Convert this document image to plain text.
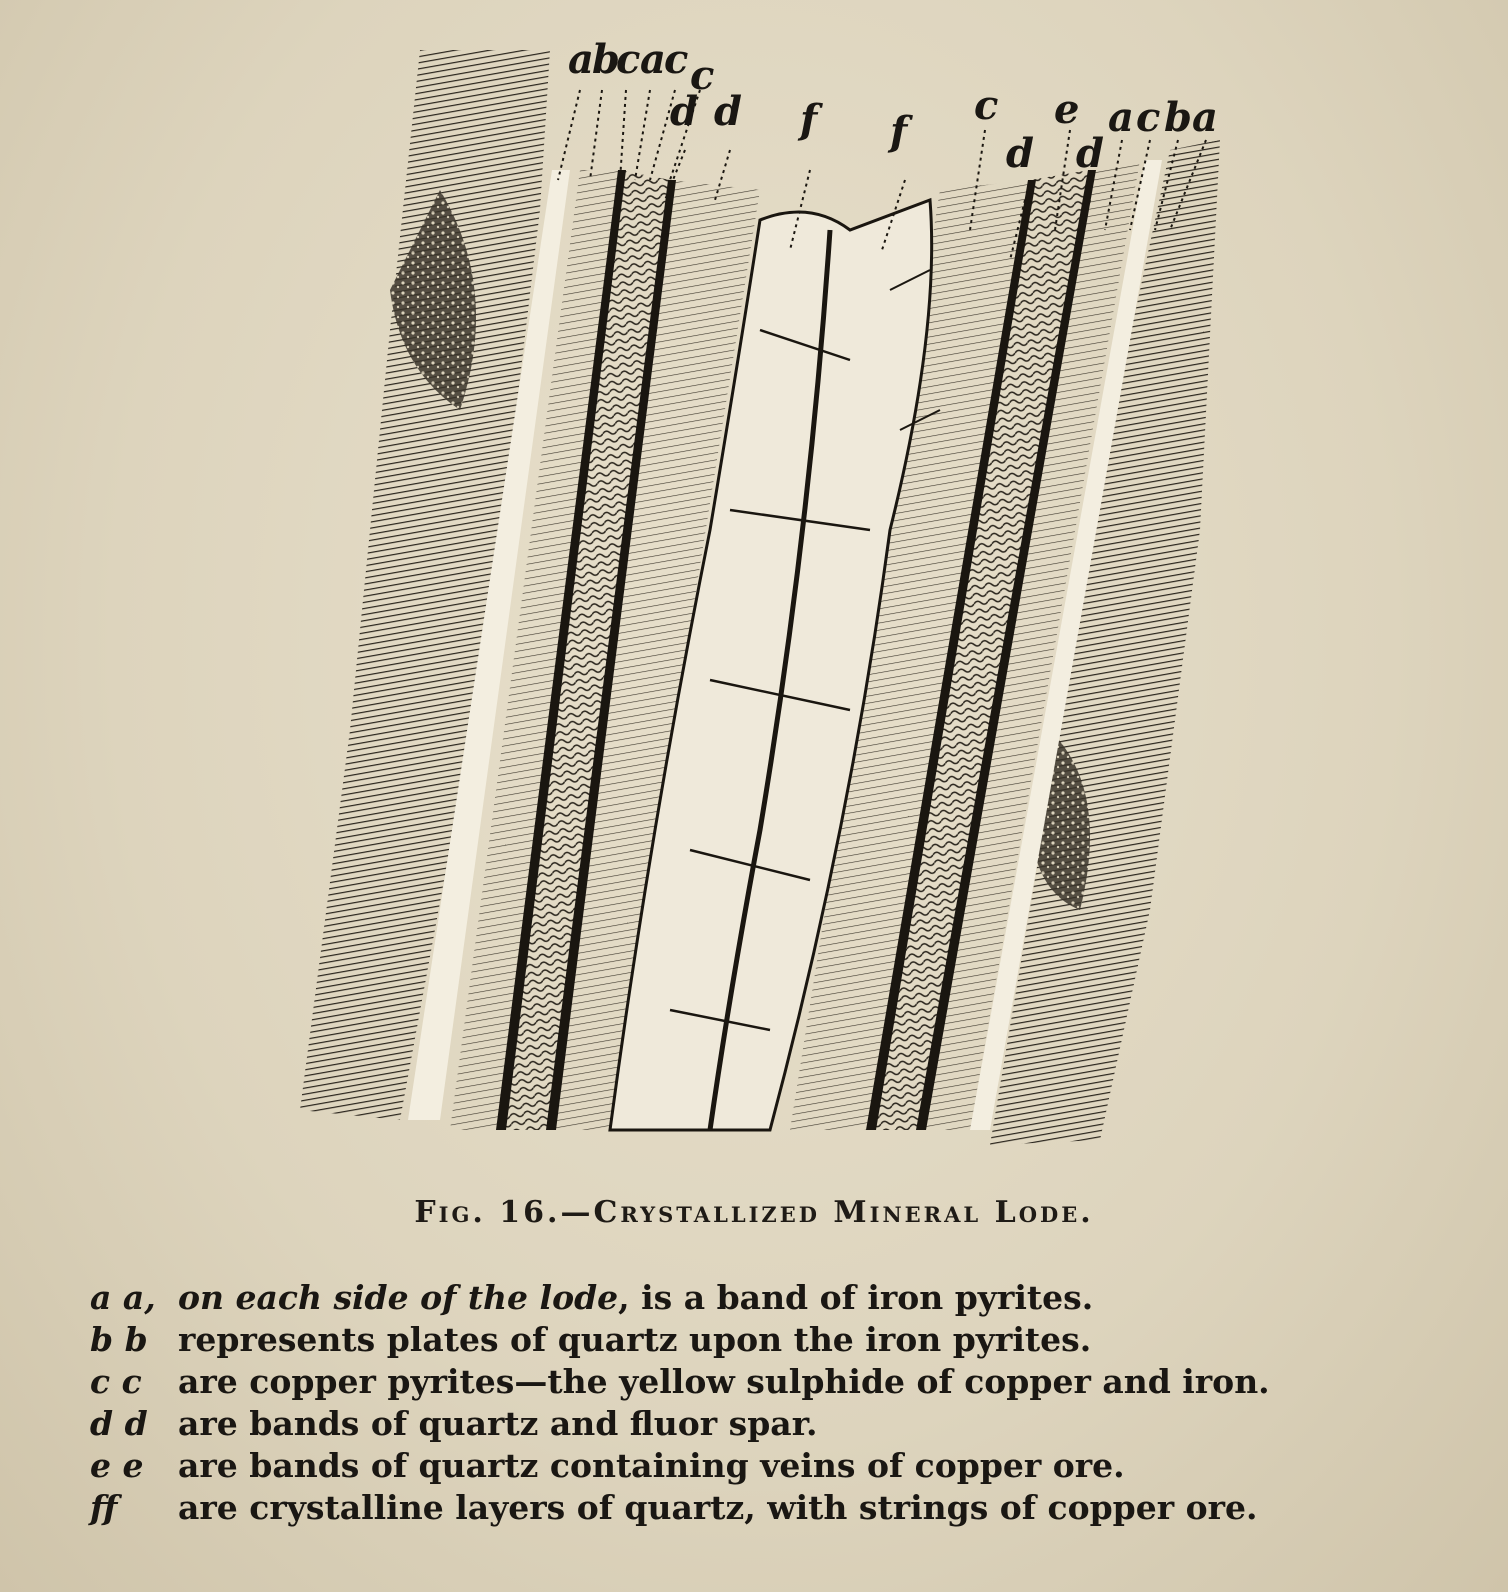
a
b
c a
c c
d d f f
c
d
e
d
a c b a
Fig. 16.—Crystallized Mineral Lode.
a a, on each side of the lode, is a band of iron pyrites.
b b represents plates of quartz upon the iron pyrites.
c c	are copper pyrites—the yellow sulphide of copper and iron.
d d are bands of quartz and fluor spar.
e e	are bands of quartz containing veins of copper ore.
ff	are crystalline layers of quartz, with strings of copper ore.
